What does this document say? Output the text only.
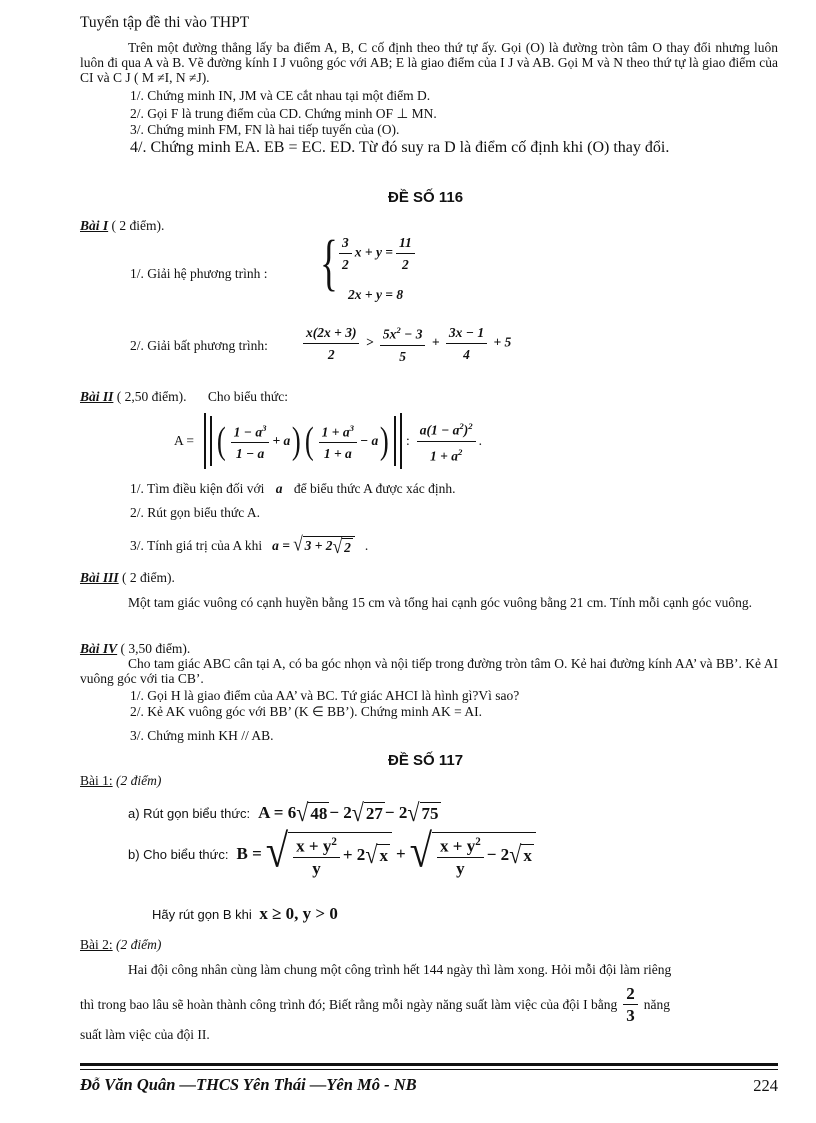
Tuyển tập đề thi vào THPT
Trên một đường thẳng lấy ba điểm A, B, C cố định theo thứ tự ấy. Gọi (O) là đường tròn tâm O thay đổi nhưng luôn luôn đi qua A và B. Vẽ đường kính I J vuông góc với AB; E là giao điểm của I J và AB. Gọi M và N theo thứ tự là giao điểm của CI và C J ( M ≠I, N ≠J).
1/. Chứng minh IN, JM và CE cắt nhau tại một điểm D.
2/. Gọi F là trung điểm của CD. Chứng minh OF ⊥ MN.
3/. Chứng minh FM, FN là hai tiếp tuyến của (O).
4/. Chứng minh EA. EB = EC. ED. Từ đó suy ra D là điểm cố định khi (O) thay đổi.
ĐỀ SỐ 116
Bài I ( 2 điểm).
1/. Giải hệ phương trình : { $\frac{3}{2}$ $x + y = \frac{11}{2}$
2x + y = 8
2/. Giải bất phương trình:	$\frac{x(2x + 3)}{2} > \frac{5x^2 - 3}{5} + \frac{3x - 1}{4} + 5$
Bài II ( 2,50 điểm). Cho biểu thức:
A = ( $\frac{1 - a^3}{1 - a} + a$ ) ( $\frac{1 + a^3}{1 + a} - a$ ) : $\frac{a(1 - a^2)^2}{1 + a^2}$ .
1/. Tìm điều kiện đối với a để biểu thức A được xác định.
2/. Rút gọn biểu thức A.
3/. Tính giá trị của A khi a = √ 3 + 2 √ 2 .
Bài III ( 2 điểm).
Một tam giác vuông có cạnh huyền bằng 15 cm và tổng hai cạnh góc vuông bằng 21 cm. Tính mỗi cạnh góc vuông.
Bài IV ( 3,50 điểm).
Cho tam giác ABC cân tại A, có ba góc nhọn và nội tiếp trong đường tròn tâm O. Kẻ hai đường kính AA’ và BB’. Kẻ AI vuông góc với tia CB’.
1/. Gọi H là giao điểm của AA’ và BC. Tứ giác AHCI là hình gì?Vì sao?
2/. Kẻ AK vuông góc với BB’ (K ∈ BB’). Chứng minh AK = AI.
3/. Chứng minh KH // AB.
ĐỀ SỐ 117
Bài 1: (2 điểm)
a) Rút gọn biểu thức: A = 6 √ 48 − 2 √ 27 − 2 √ 75
b) Cho biểu thức: B = √ $\frac{x + y^2}{y} + 2$ √ x + √ $\frac{x + y^2}{y} - 2$ √ x
Hãy rút gọn B khi x ≥ 0, y > 0
Bài 2: (2 điểm)
Hai đội công nhân cùng làm chung một công trình hết 144 ngày thì làm xong. Hỏi mỗi đội làm riêng
thì trong bao lâu sẽ hoàn thành công trình đó; Biết rằng mỗi ngày năng suất làm việc của đội I bằng $\frac{2}{3}$ năng
suất làm việc của đội II.
Đỗ Văn Quân —THCS Yên Thái —Yên Mô - NB	224
